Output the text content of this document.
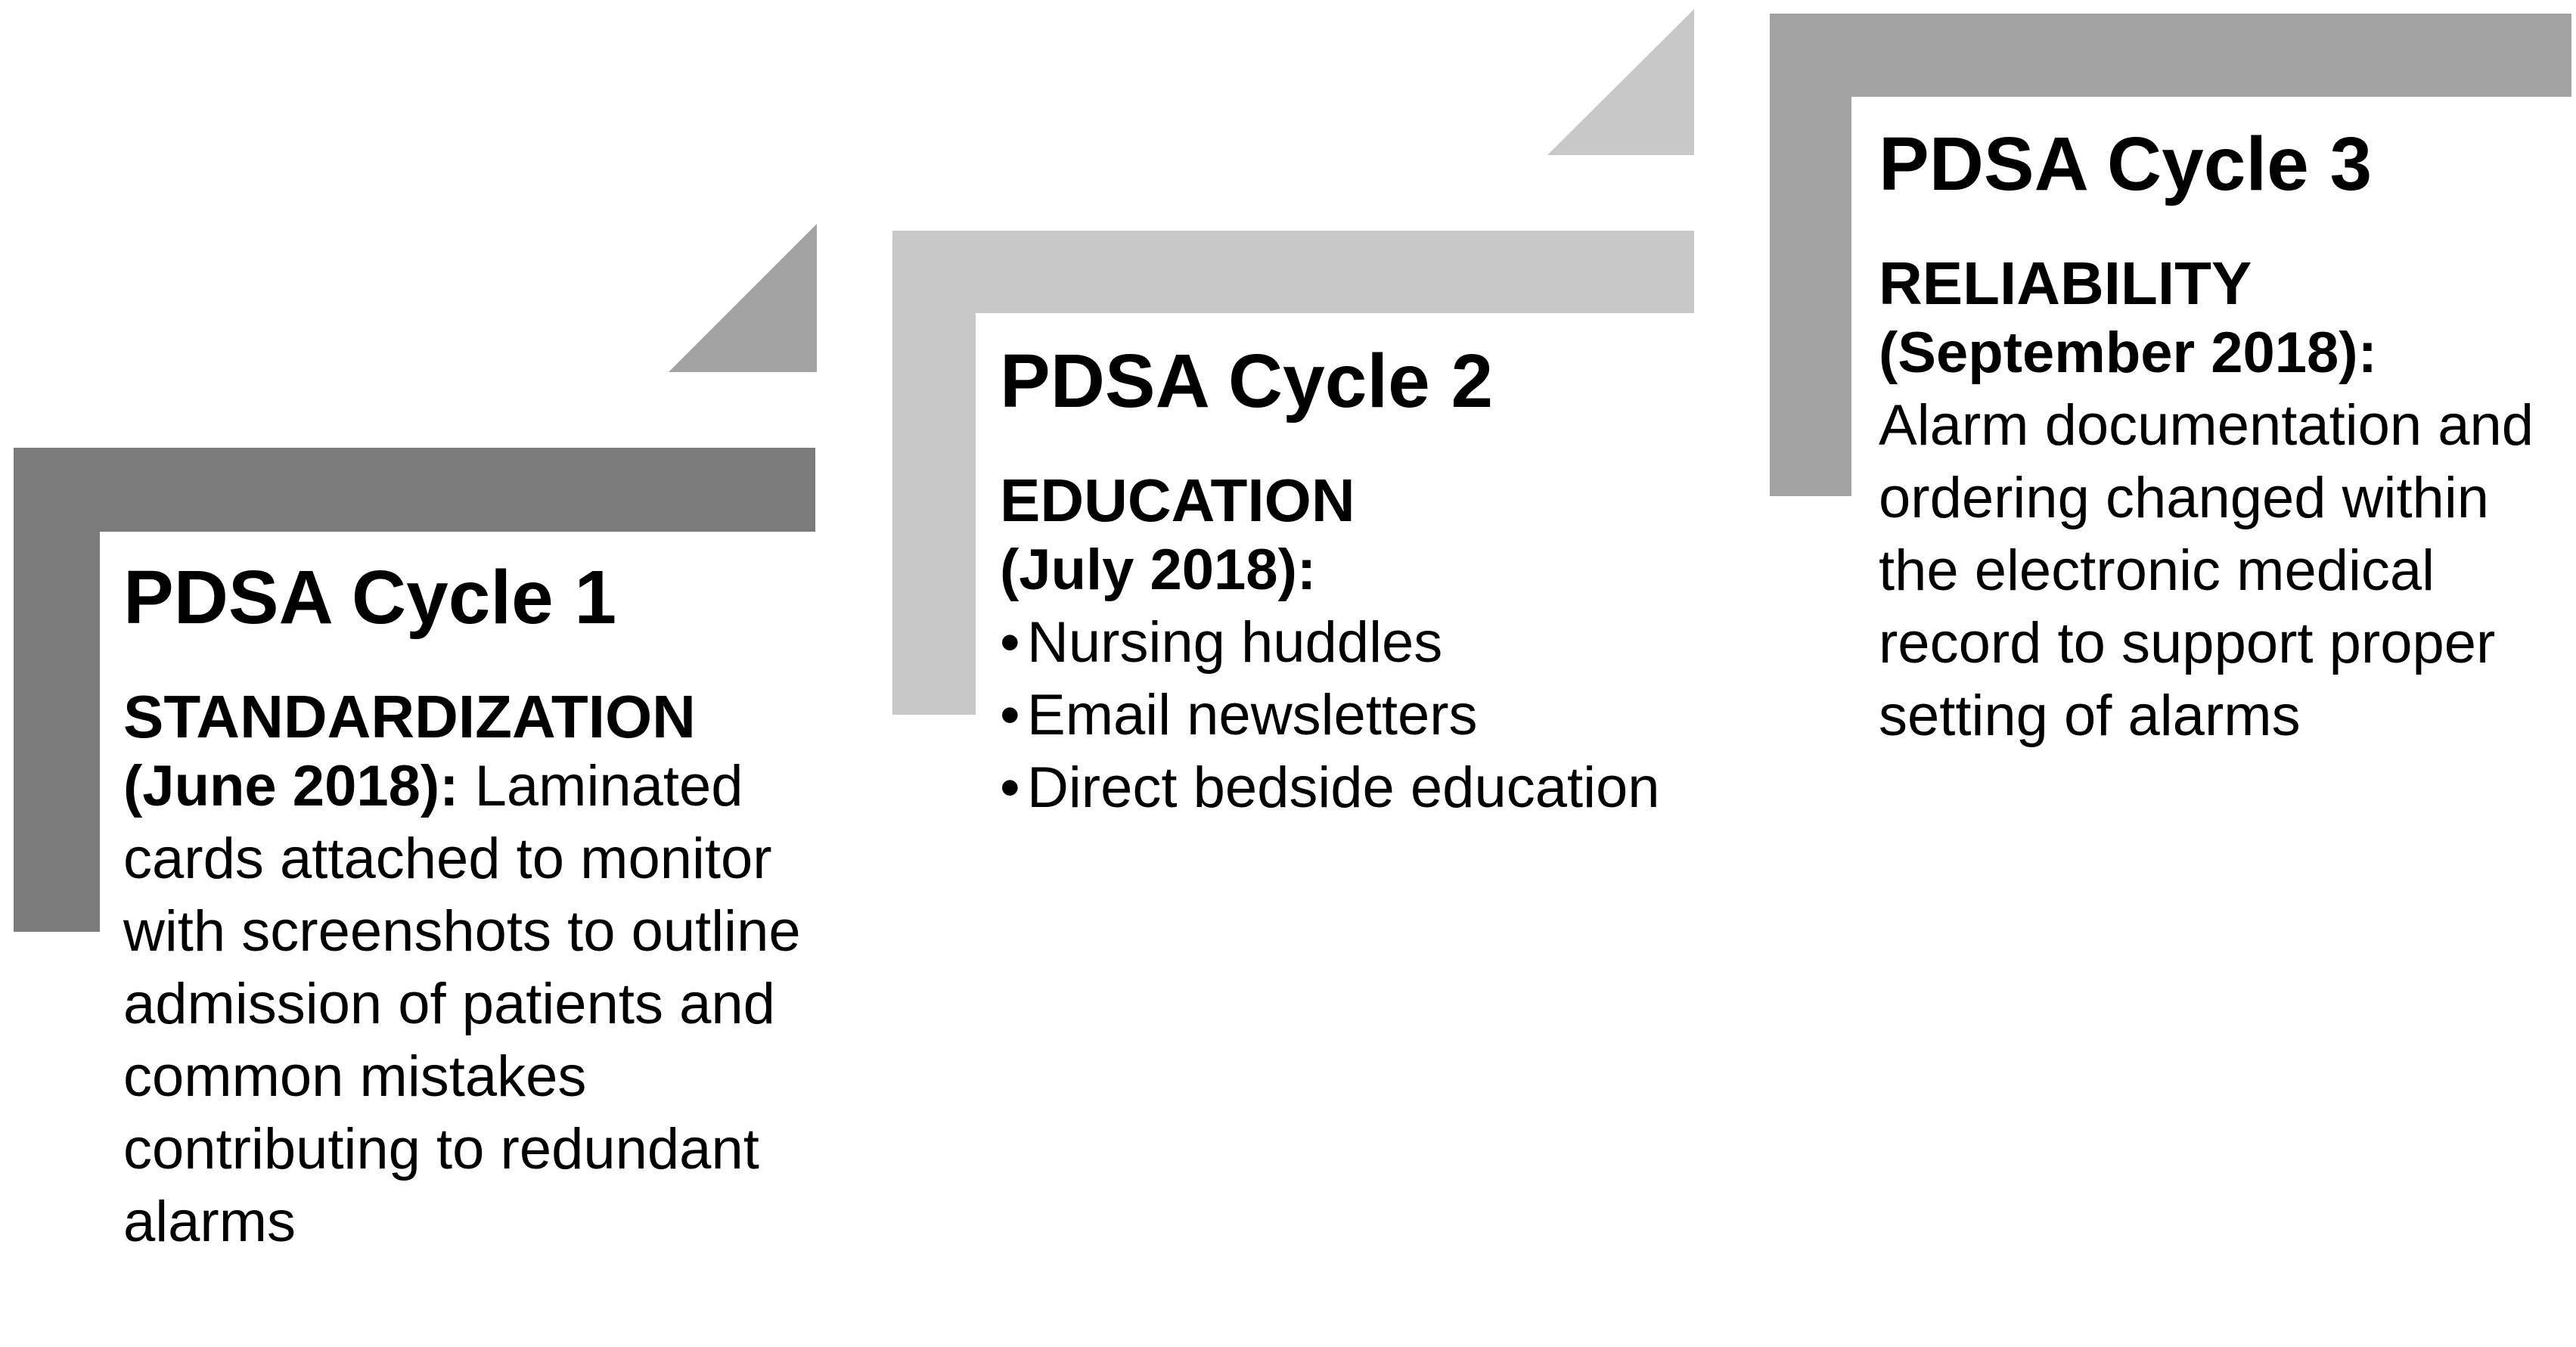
PDSA Cycle 1
STANDARDIZATION
(June 2018): Laminated cards attached to monitor with screenshots to outline admission of patients and common mistakes contributing to redundant alarms
PDSA Cycle 2
EDUCATION
(July 2018):
• Nursing huddles
• Email newsletters
• Direct bedside education
PDSA Cycle 3
RELIABILITY
(September 2018):
Alarm documentation and ordering changed within the electronic medical record to support proper setting of alarms
